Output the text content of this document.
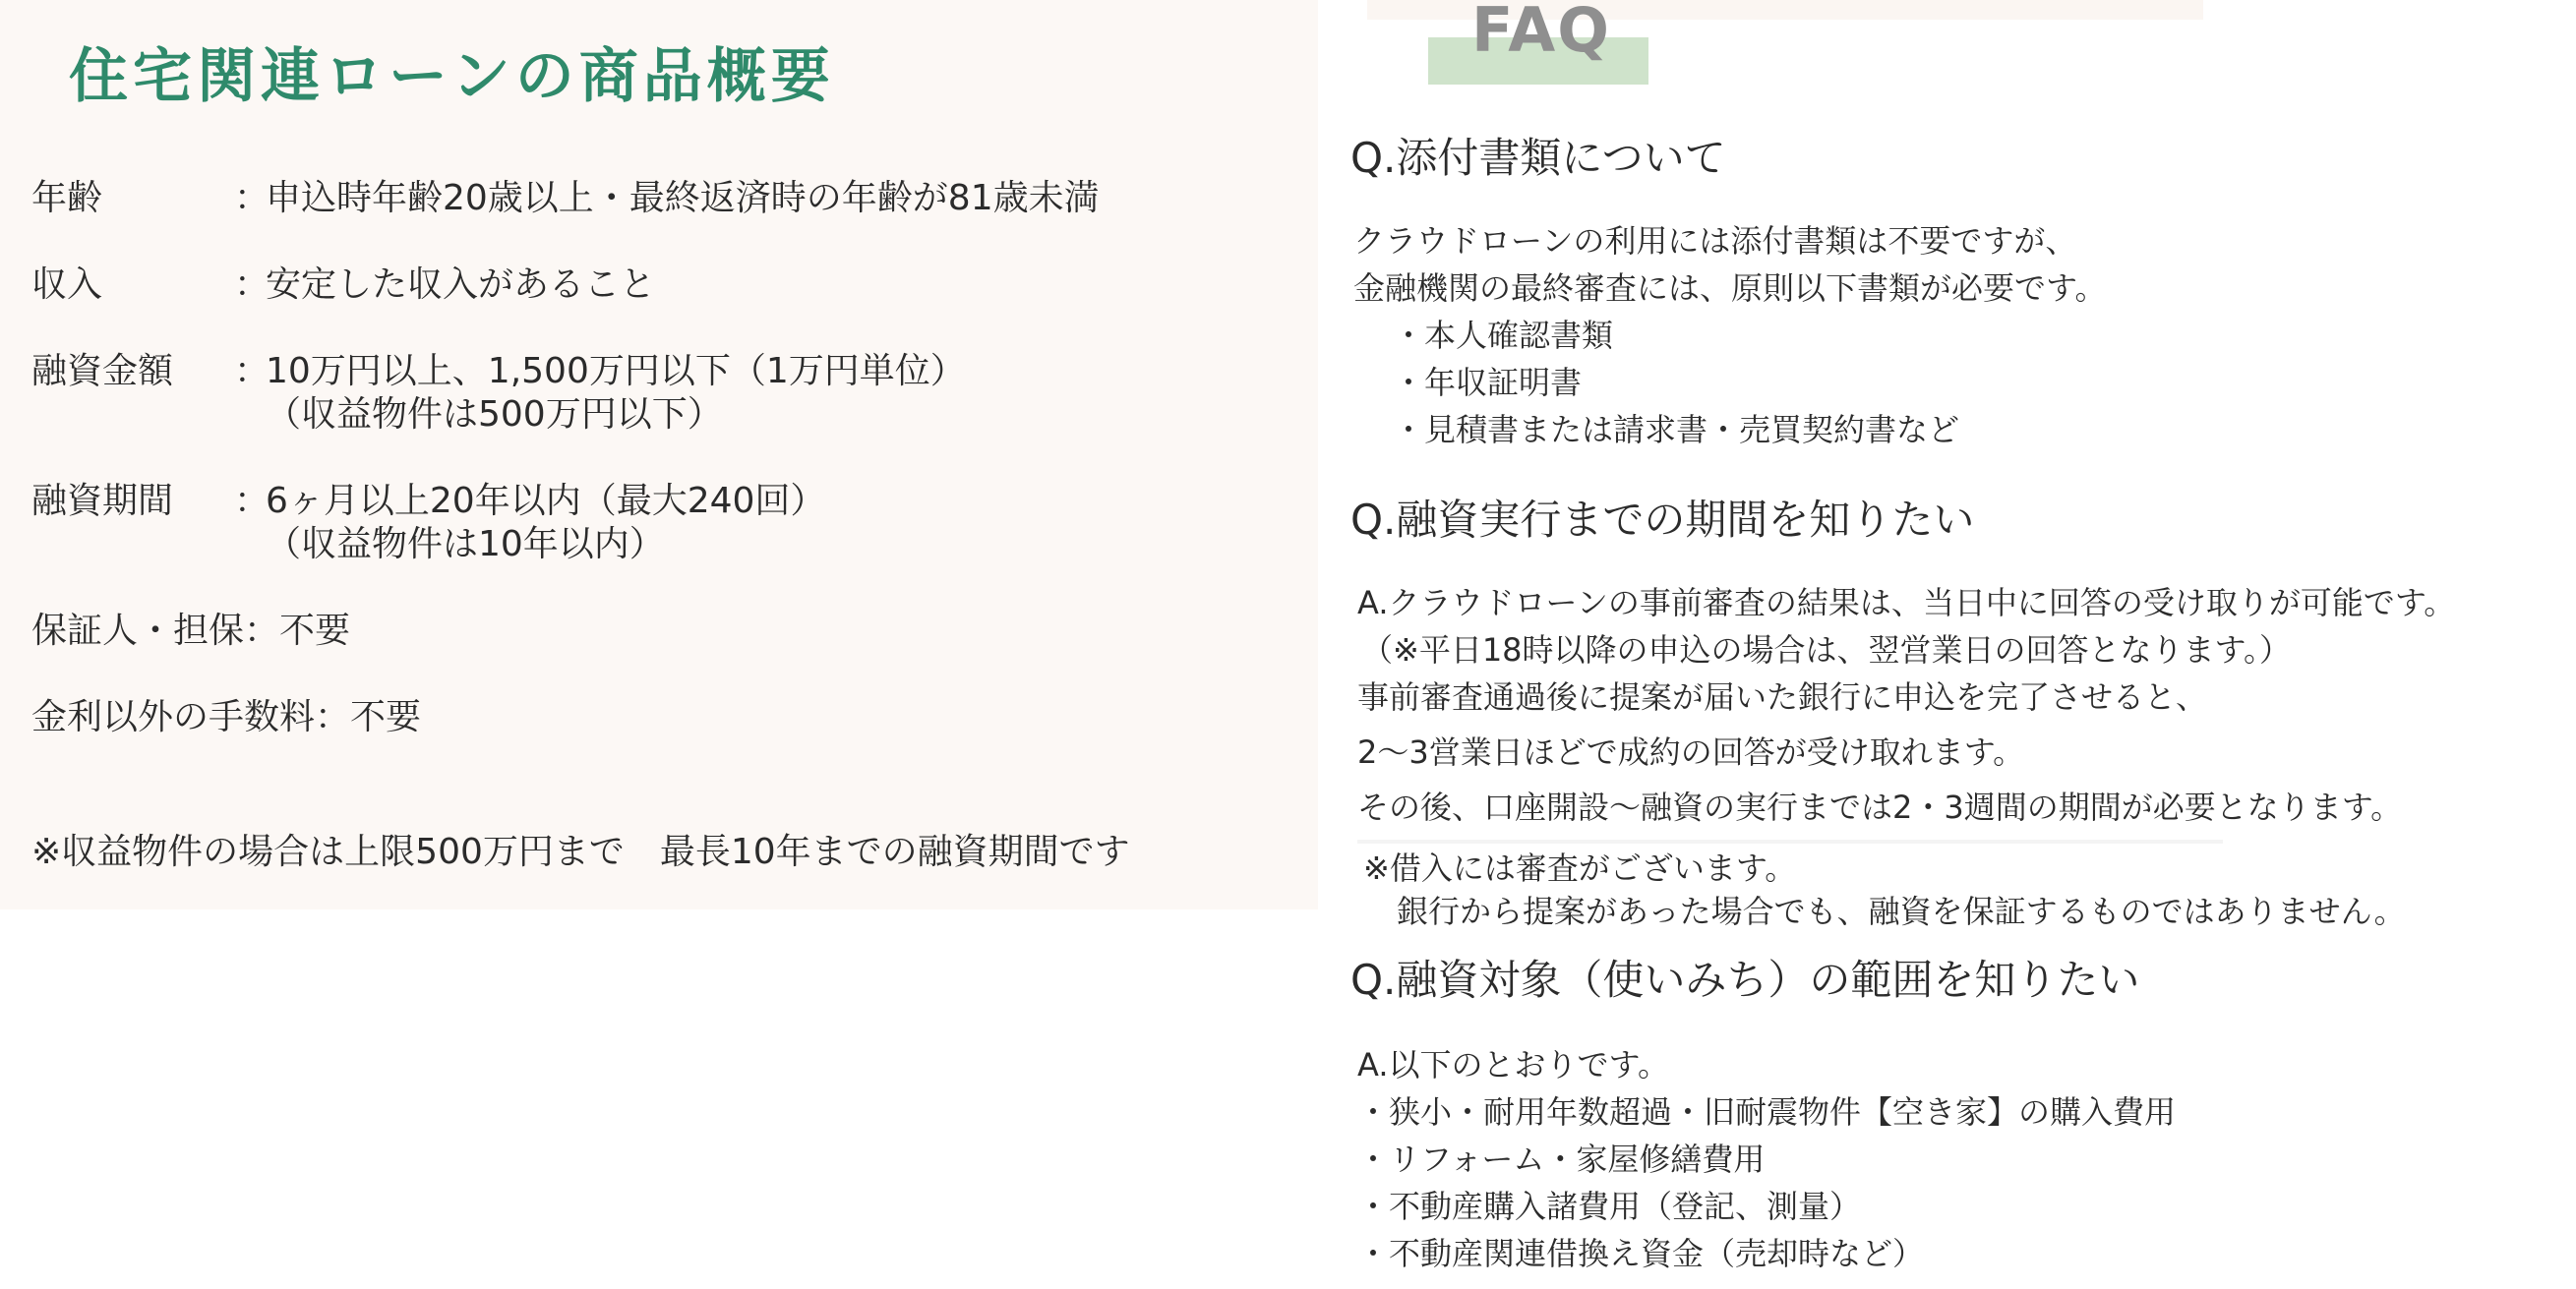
住宅関連ローンの商品概要
年齢	：
申込時年齢20歳以上・最終返済時の年齢が81歳未満
収入	：
安定した収入があること
融資金額 ：
10万円以上、1,500万円以下（1万円単位）
（収益物件は500万円以下）
融資期間 ：
6ヶ月以上20年以内（最大240回）
（収益物件は10年以内）
保証人・担保：不要
金利以外の手数料：不要
※収益物件の場合は上限500万円まで　最長10年までの融資期間です
FAQ
Q.添付書類について
クラウドローンの利用には添付書類は不要ですが、
金融機関の最終審査には、原則以下書類が必要です。
・本人確認書類
・年収証明書
・見積書または請求書・売買契約書など
Q.融資実行までの期間を知りたい
A.クラウドローンの事前審査の結果は、当日中に回答の受け取りが可能です。
（※平日18時以降の申込の場合は、翌営業日の回答となります。）
事前審査通過後に提案が届いた銀行に申込を完了させると、
2〜3営業日ほどで成約の回答が受け取れます。
その後、口座開設〜融資の実行までは2・3週間の期間が必要となります。
※借入には審査がございます。
銀行から提案があった場合でも、融資を保証するものではありません。
Q.融資対象（使いみち）の範囲を知りたい
A.以下のとおりです。
・狭小・耐用年数超過・旧耐震物件【空き家】の購入費用
・リフォーム・家屋修繕費用
・不動産購入諸費用（登記、測量）
・不動産関連借換え資金（売却時など）
